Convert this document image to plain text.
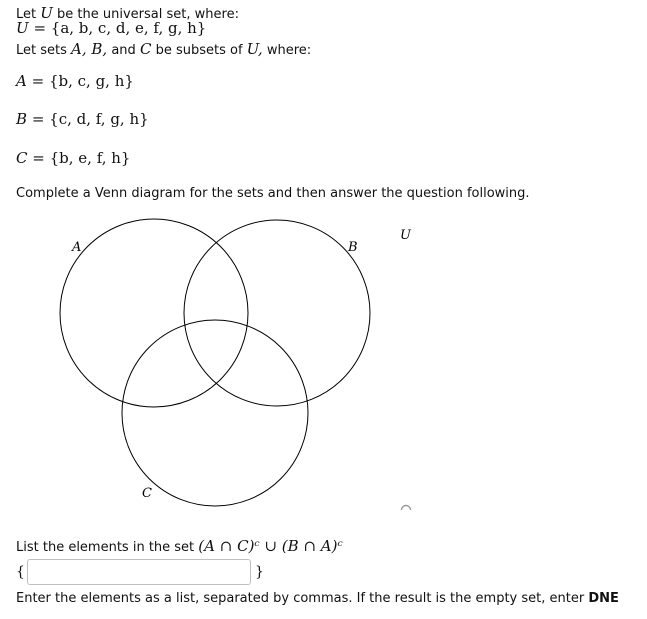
Let U be the universal set, where:
U = {a, b, c, d, e, f, g, h}
Let sets A, B, and C be subsets of U, where:
A = {b, c, g, h}
B = {c, d, f, g, h}
C = {b, e, f, h}
Complete a Venn diagram for the sets and then answer the question following.
U
A	B
C
List the elements in the set (A ∩ C)ᶜ ∪ (B ∩ A)ᶜ
{	}
Enter the elements as a list, separated by commas. If the result is the empty set, enter DNE
